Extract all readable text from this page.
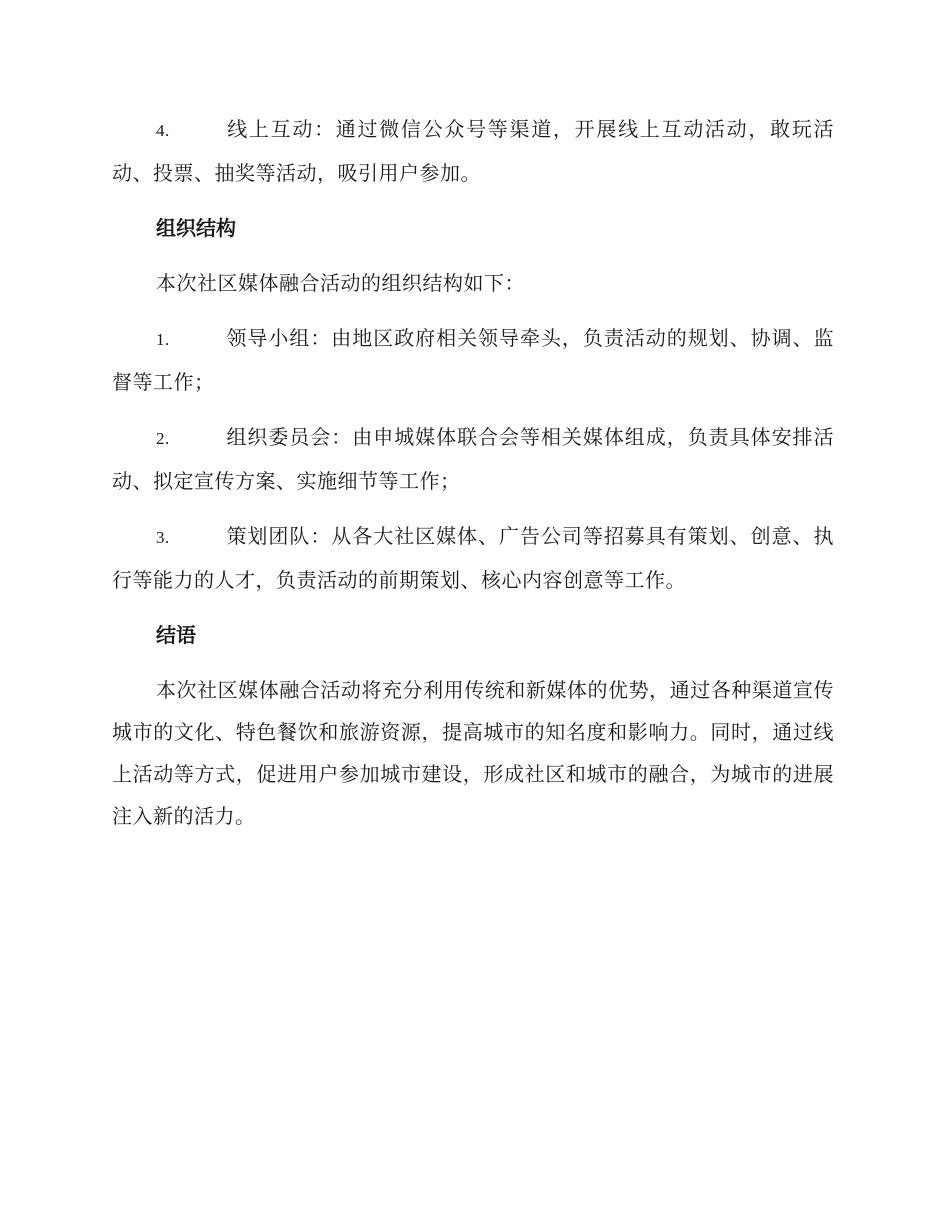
4.	线上互动：通过微信公众号等渠道，开展线上互动活动，敢玩活动、投票、抽奖等活动，吸引用户参加。

组织结构

本次社区媒体融合活动的组织结构如下：

1.	领导小组：由地区政府相关领导牵头，负责活动的规划、协调、监督等工作；

2.	组织委员会：由申城媒体联合会等相关媒体组成，负责具体安排活动、拟定宣传方案、实施细节等工作；

3.	策划团队：从各大社区媒体、广告公司等招募具有策划、创意、执行等能力的人才，负责活动的前期策划、核心内容创意等工作。

结语

本次社区媒体融合活动将充分利用传统和新媒体的优势，通过各种渠道宣传城市的文化、特色餐饮和旅游资源，提高城市的知名度和影响力。同时，通过线上活动等方式，促进用户参加城市建设，形成社区和城市的融合，为城市的进展注入新的活力。
